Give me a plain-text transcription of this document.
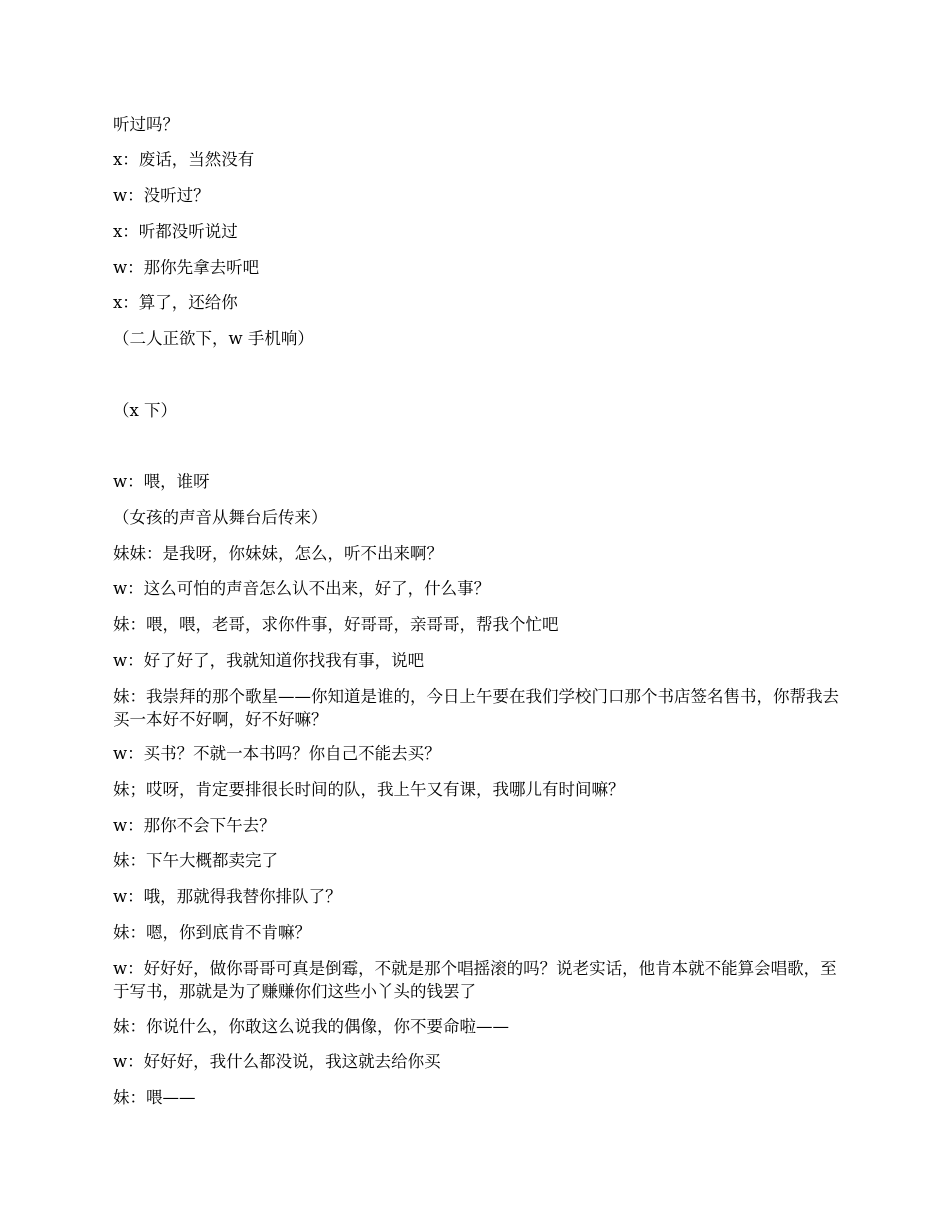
听过吗？

x：废话，当然没有

w：没听过？

x：听都没听说过

w：那你先拿去听吧

x：算了，还给你

（二人正欲下，w 手机响）

（x 下）

w：喂，谁呀

（女孩的声音从舞台后传来）

妹妹：是我呀，你妹妹，怎么，听不出来啊？

w：这么可怕的声音怎么认不出来，好了，什么事？

妹：喂，喂，老哥，求你件事，好哥哥，亲哥哥，帮我个忙吧

w：好了好了，我就知道你找我有事，说吧

妹：我崇拜的那个歌星——你知道是谁的，今日上午要在我们学校门口那个书店签名售书，你帮我去买一本好不好啊，好不好嘛？

w：买书？不就一本书吗？你自己不能去买？

妹；哎呀，肯定要排很长时间的队，我上午又有课，我哪儿有时间嘛？

w：那你不会下午去？

妹：下午大概都卖完了

w：哦，那就得我替你排队了？

妹：嗯，你到底肯不肯嘛？

w：好好好，做你哥哥可真是倒霉，不就是那个唱摇滚的吗？说老实话，他肯本就不能算会唱歌，至于写书，那就是为了赚赚你们这些小丫头的钱罢了

妹：你说什么，你敢这么说我的偶像，你不要命啦——

w：好好好，我什么都没说，我这就去给你买

妹：喂——
